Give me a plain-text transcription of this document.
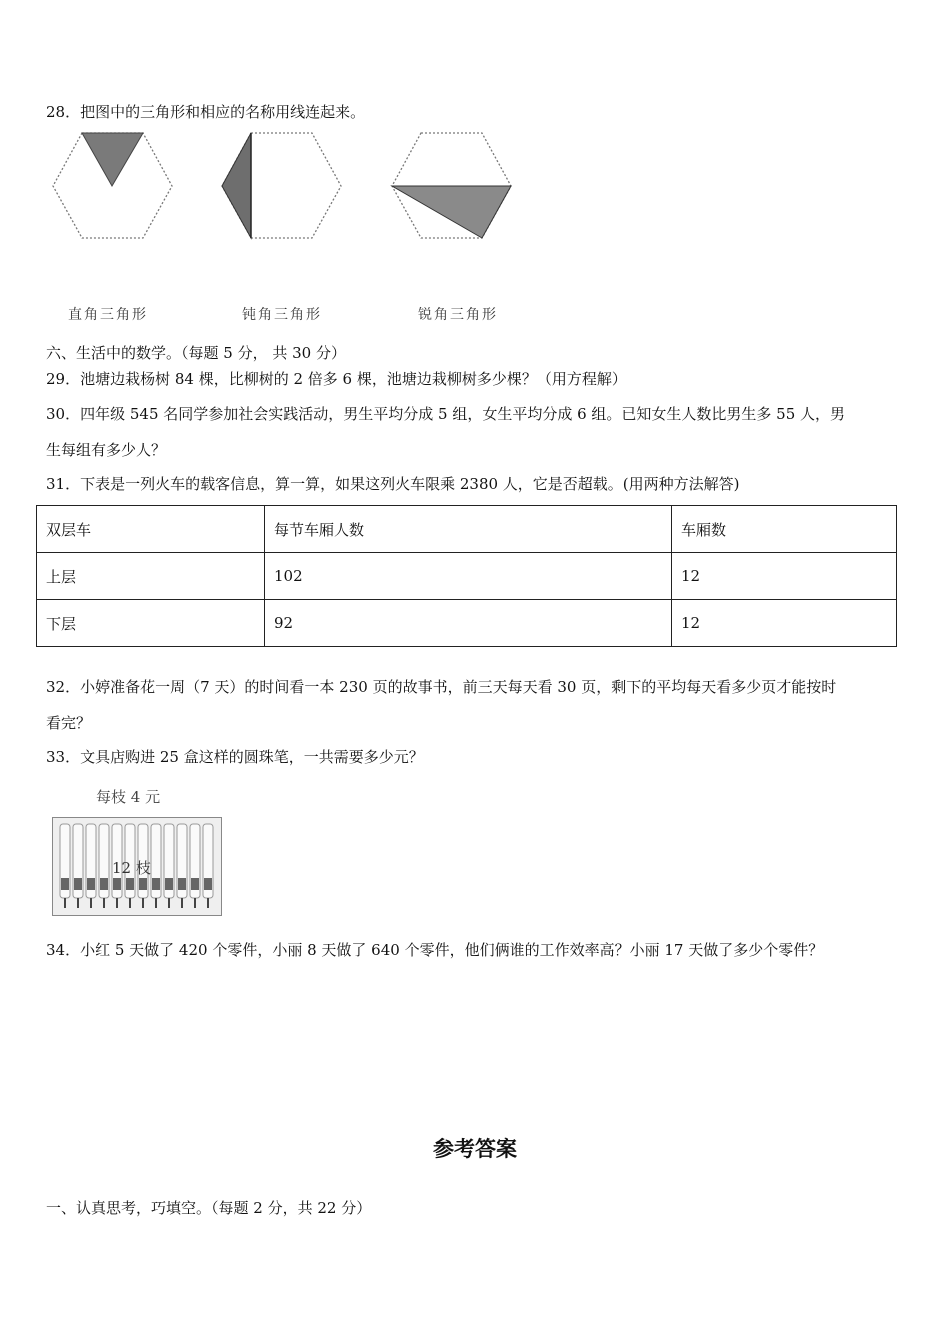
28．把图中的三角形和相应的名称用线连起来。
直角三角形	钝角三角形	锐角三角形
六、生活中的数学。（每题 5 分， 共 30 分）
29．池塘边栽杨树 84 棵，比柳树的 2 倍多 6 棵，池塘边栽柳树多少棵？（用方程解）
30．四年级 545 名同学参加社会实践活动，男生平均分成 5 组，女生平均分成 6 组。已知女生人数比男生多 55 人，男
生每组有多少人？
31．下表是一列火车的载客信息，算一算，如果这列火车限乘 2380 人，它是否超载。(用两种方法解答)
双层车	每节车厢人数	车厢数
上层	102	12
下层	92	12
32．小婷准备花一周（7 天）的时间看一本 230 页的故事书，前三天每天看 30 页，剩下的平均每天看多少页才能按时
看完？
33．文具店购进 25 盒这样的圆珠笔，一共需要多少元？
每枝 4 元
12 枝
34．小红 5 天做了 420 个零件，小丽 8 天做了 640 个零件，他们俩谁的工作效率高？小丽 17 天做了多少个零件？
参考答案
一、认真思考，巧填空。（每题 2 分，共 22 分）
